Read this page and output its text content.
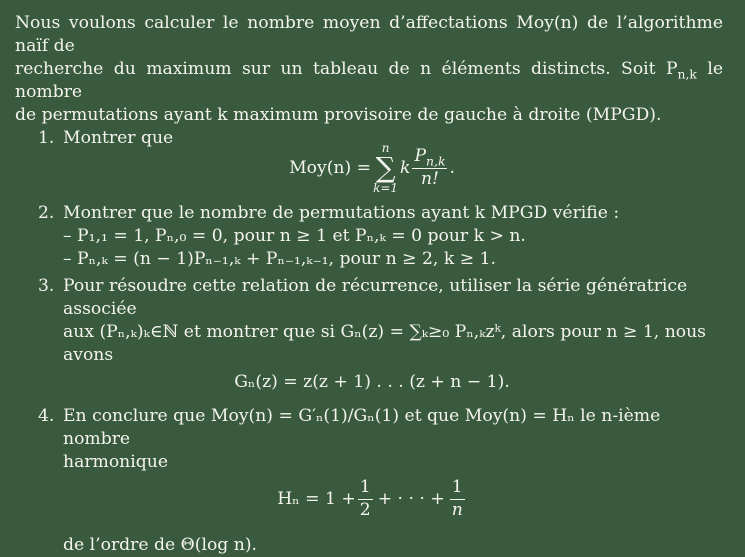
Nous voulons calculer le nombre moyen d’affectations Moy(n) de l’algorithme naïf de
recherche du maximum sur un tableau de n éléments distincts. Soit $P_{n,k}$ le nombre
de permutations ayant k maximum provisoire de gauche à droite (MPGD).

1. Montrer que
Moy(n) =
n
∑
k=1
k $\frac{P_{n,k}}{n!}$ .
2. Montrer que le nombre de permutations ayant k MPGD vérifie :
– P₁,₁ = 1, Pₙ,₀ = 0, pour n ≥ 1 et Pₙ,ₖ = 0 pour k > n.
– Pₙ,ₖ = (n − 1)Pₙ₋₁,ₖ + Pₙ₋₁,ₖ₋₁, pour n ≥ 2, k ≥ 1.
3. Pour résoudre cette relation de récurrence, utiliser la série génératrice associée
aux (Pₙ,ₖ)ₖ∈ℕ et montrer que si Gₙ(z) = ∑ₖ≥₀ Pₙ,ₖzᵏ, alors pour n ≥ 1, nous
avons
Gₙ(z) = z(z + 1) . . . (z + n − 1).
4. En conclure que Moy(n) = G′ₙ(1)/Gₙ(1) et que Moy(n) = Hₙ le n-ième nombre
harmonique
$H_n = 1 + \frac{1}{2}$ + · · · + $\frac{1}{n}$
de l’ordre de Θ(log n).
